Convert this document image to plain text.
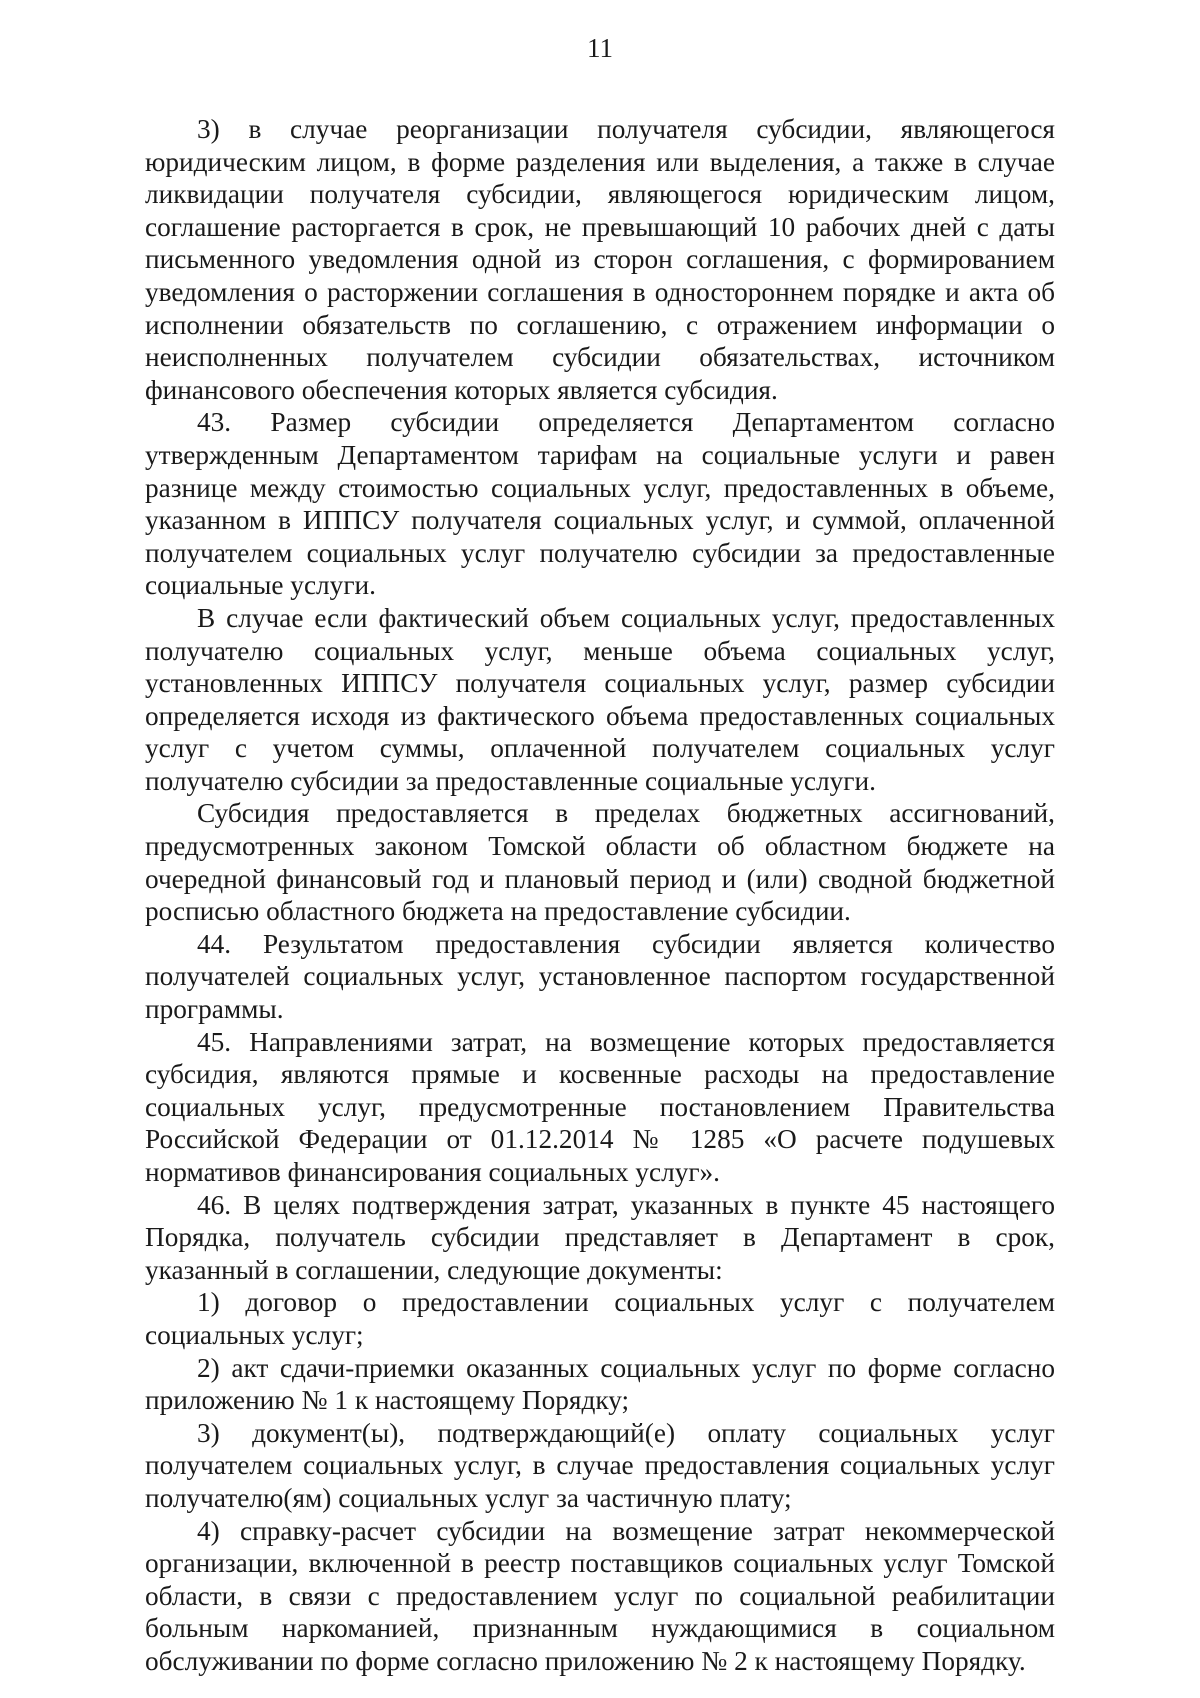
11

3) в случае реорганизации получателя субсидии, являющегося юридическим лицом, в форме разделения или выделения, а также в случае ликвидации получателя субсидии, являющегося юридическим лицом, соглашение расторгается в срок, не превышающий 10 рабочих дней с даты письменного уведомления одной из сторон соглашения, с формированием уведомления о расторжении соглашения в одностороннем порядке и акта об исполнении обязательств по соглашению, с отражением информации о неисполненных получателем субсидии обязательствах, источником финансового обеспечения которых является субсидия.

43. Размер субсидии определяется Департаментом согласно утвержденным Департаментом тарифам на социальные услуги и равен разнице между стоимостью социальных услуг, предоставленных в объеме, указанном в ИППСУ получателя социальных услуг, и суммой, оплаченной получателем социальных услуг получателю субсидии за предоставленные социальные услуги.

В случае если фактический объем социальных услуг, предоставленных получателю социальных услуг, меньше объема социальных услуг, установленных ИППСУ получателя социальных услуг, размер субсидии определяется исходя из фактического объема предоставленных социальных услуг с учетом суммы, оплаченной получателем социальных услуг получателю субсидии за предоставленные социальные услуги.

Субсидия предоставляется в пределах бюджетных ассигнований, предусмотренных законом Томской области об областном бюджете на очередной финансовый год и плановый период и (или) сводной бюджетной росписью областного бюджета на предоставление субсидии.

44. Результатом предоставления субсидии является количество получателей социальных услуг, установленное паспортом государственной программы.

45. Направлениями затрат, на возмещение которых предоставляется субсидия, являются прямые и косвенные расходы на предоставление социальных услуг, предусмотренные постановлением Правительства Российской Федерации от 01.12.2014 № 1285 «О расчете подушевых нормативов финансирования социальных услуг».

46. В целях подтверждения затрат, указанных в пункте 45 настоящего Порядка, получатель субсидии представляет в Департамент в срок, указанный в соглашении, следующие документы:

1) договор о предоставлении социальных услуг с получателем социальных услуг;

2) акт сдачи-приемки оказанных социальных услуг по форме согласно приложению № 1 к настоящему Порядку;

3) документ(ы), подтверждающий(е) оплату социальных услуг получателем социальных услуг, в случае предоставления социальных услуг получателю(ям) социальных услуг за частичную плату;

4) справку-расчет субсидии на возмещение затрат некоммерческой организации, включенной в реестр поставщиков социальных услуг Томской области, в связи с предоставлением услуг по социальной реабилитации больным наркоманией, признанным нуждающимися в социальном обслуживании по форме согласно приложению № 2 к настоящему Порядку.
